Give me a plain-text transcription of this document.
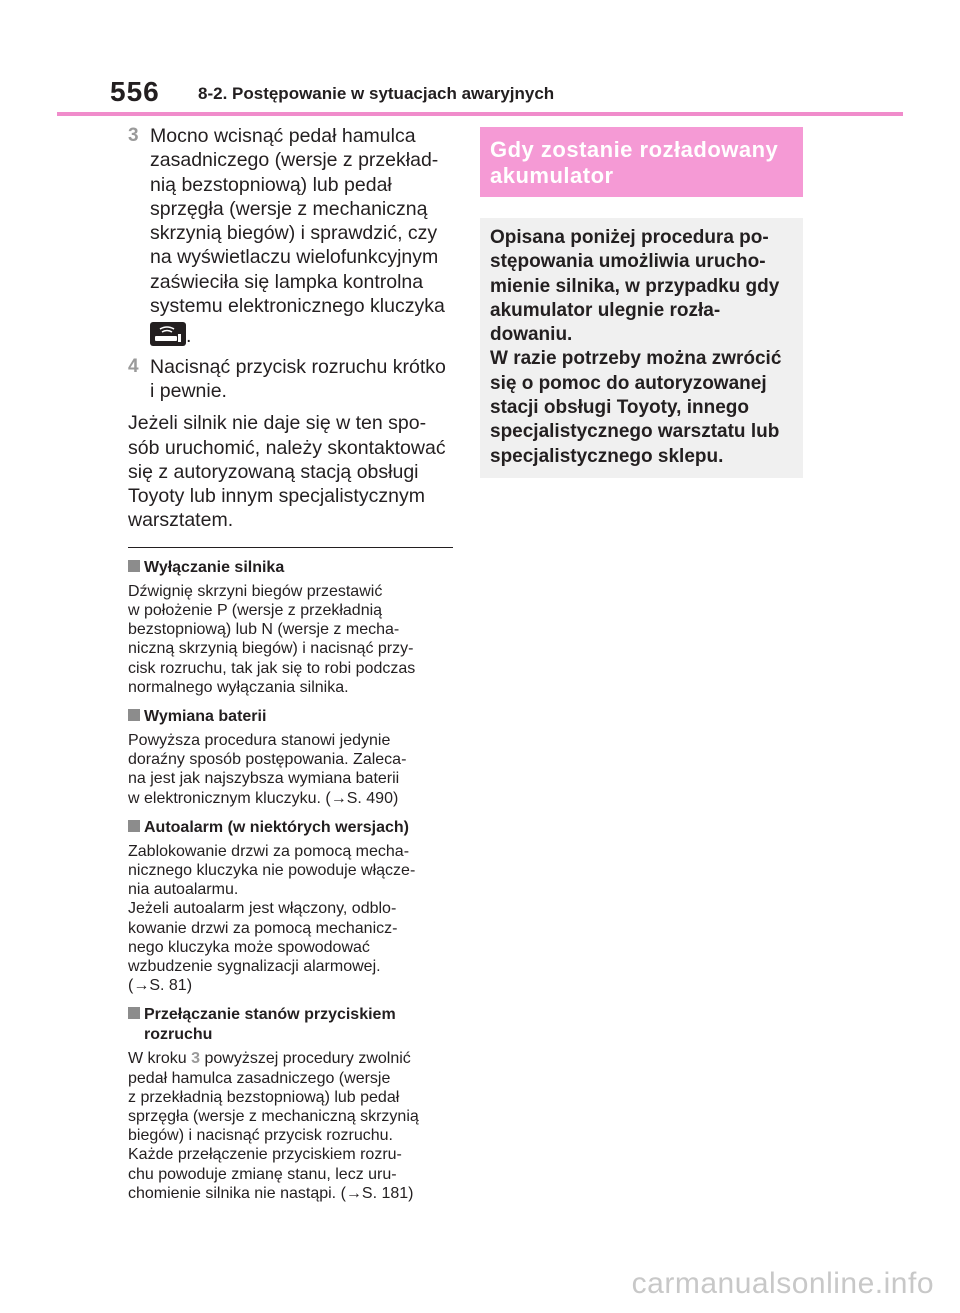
556 8-2. Postępowanie w sytuacjach awaryjnych
3 Mocno wcisnąć pedał hamulca zasadniczego (wersje z przekład-nią bezstopniową) lub pedał sprzęgła (wersje z mechaniczną skrzynią biegów) i sprawdzić, czy na wyświetlaczu wielofunkcyjnym zaświeciła się lampka kontrolna systemu elektronicznego kluczyka

.
4 Nacisnąć przycisk rozruchu krótko i pewnie.
Jeżeli silnik nie daje się w ten spo-sób uruchomić, należy skontaktować się z autoryzowaną stacją obsługi Toyoty lub innym specjalistycznym warsztatem.
Wyłączanie silnika
Dźwignię skrzyni biegów przestawić
w położenie P (wersje z przekładnią
bezstopniową) lub N (wersje z mecha-
niczną skrzynią biegów) i nacisnąć przy-
cisk rozruchu, tak jak się to robi podczas
normalnego wyłączania silnika.
Wymiana baterii
Powyższa procedura stanowi jedynie
doraźny sposób postępowania. Zaleca-
na jest jak najszybsza wymiana baterii
w elektronicznym kluczyku. (→S. 490)
Autoalarm (w niektórych wersjach)
Zablokowanie drzwi za pomocą mecha-
nicznego kluczyka nie powoduje włącze-
nia autoalarmu.
Jeżeli autoalarm jest włączony, odblo-
kowanie drzwi za pomocą mechanicz-
nego kluczyka może spowodować
wzbudzenie sygnalizacji alarmowej.
(→S. 81)
Przełączanie stanów przyciskiem rozruchu
W kroku 3 powyższej procedury zwolnić
pedał hamulca zasadniczego (wersje
z przekładnią bezstopniową) lub pedał
sprzęgła (wersje z mechaniczną skrzynią
biegów) i nacisnąć przycisk rozruchu.
Każde przełączenie przyciskiem rozru-
chu powoduje zmianę stanu, lecz uru-
chomienie silnika nie nastąpi. (→S. 181)
Gdy zostanie rozładowany akumulator
Opisana poniżej procedura po-stępowania umożliwia urucho-mienie silnika, w przypadku gdy akumulator ulegnie rozła-dowaniu.
W razie potrzeby można zwrócić się o pomoc do autoryzowanej stacji obsługi Toyoty, innego specjalistycznego warsztatu lub specjalistycznego sklepu.
carmanualsonline.info
